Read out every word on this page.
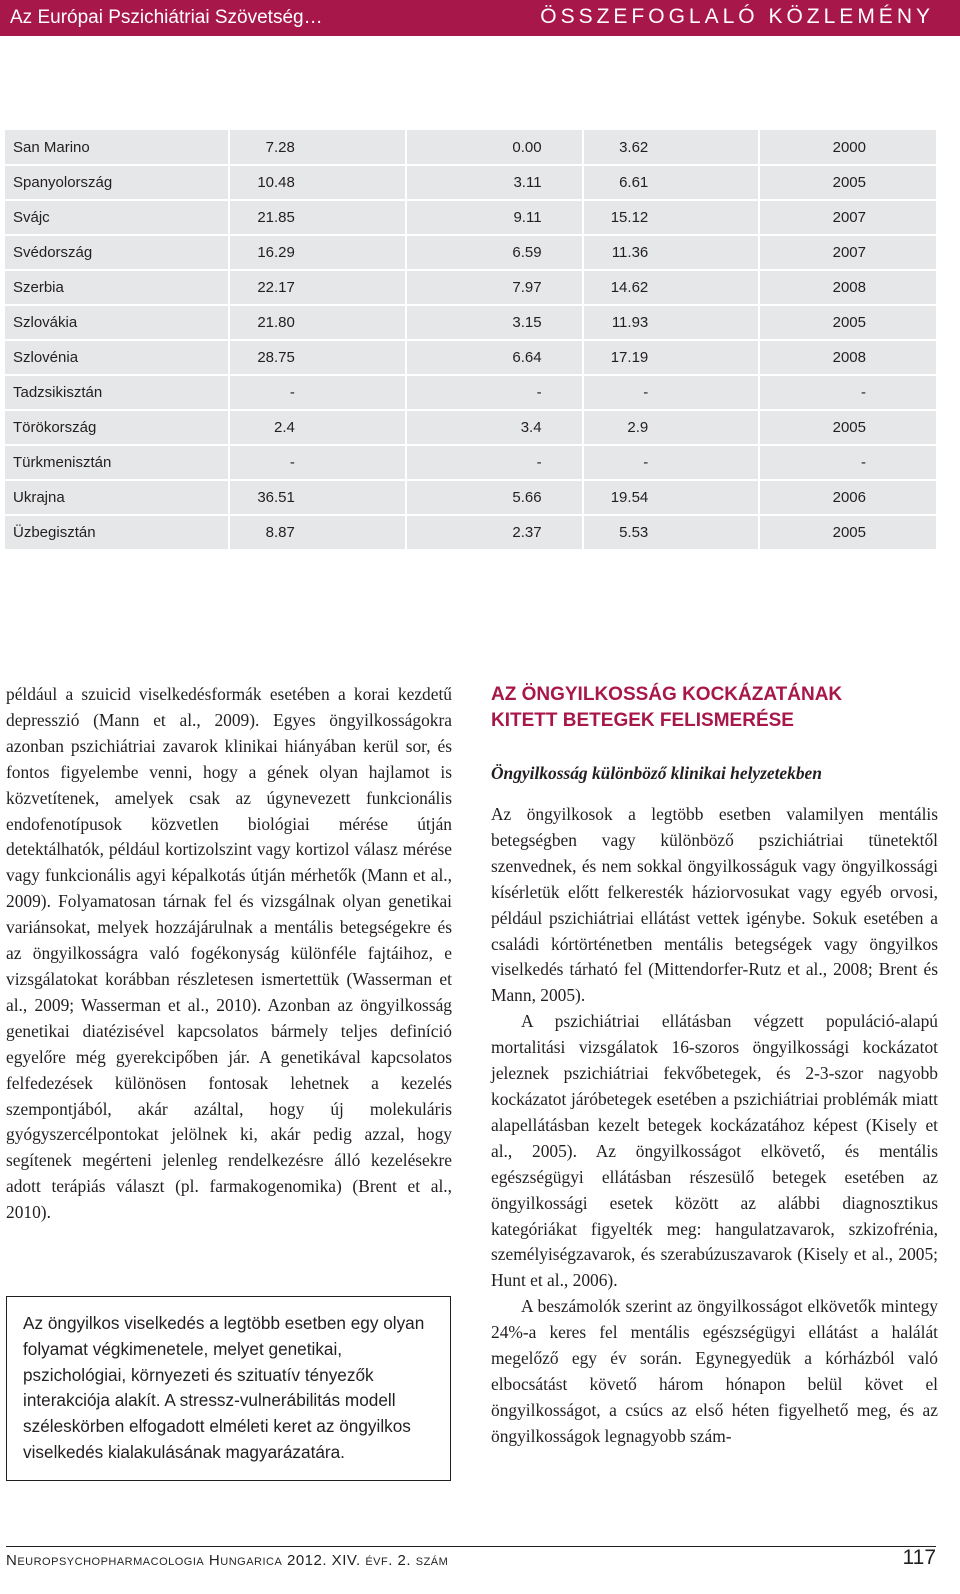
Az Európai Pszichiátriai Szövetség…	ÖSSZEFOGLALÓ KÖZLEMÉNY
San Marino	7.28	0.00	3.62	2000
Spanyolország	10.48	3.11	6.61	2005
Svájc	21.85	9.11	15.12	2007
Svédország	16.29	6.59	11.36	2007
Szerbia	22.17	7.97	14.62	2008
Szlovákia	21.80	3.15	11.93	2005
Szlovénia	28.75	6.64	17.19	2008
Tadzsikisztán	-	-	-	-
Törökország	2.4	3.4	2.9	2005
Türkmenisztán	-	-	-	-
Ukrajna	36.51	5.66	19.54	2006
Üzbegisztán	8.87	2.37	5.53	2005

például a szuicid viselkedésformák esetében a korai kezdetű depresszió (Mann et al., 2009). Egyes öngyilkosságokra azonban pszichiátriai zavarok klinikai hiányában kerül sor, és fontos figyelembe venni, hogy a gének olyan hajlamot is közvetítenek, amelyek csak az úgynevezett funkcionális endofenotípusok közvetlen biológiai mérése útján detektálhatók, például kortizolszint vagy kortizol válasz mérése vagy funkcionális agyi képalkotás útján mérhetők (Mann et al., 2009). Folyamatosan tárnak fel és vizsgálnak olyan genetikai variánsokat, melyek hozzájárulnak a mentális betegségekre és az öngyilkosságra való fogékonyság különféle fajtáihoz, e vizsgálatokat korábban részletesen ismertettük (Wasserman et al., 2009; Wasserman et al., 2010). Azonban az öngyilkosság genetikai diatézisével kapcsolatos bármely teljes definíció egyelőre még gyerekcipőben jár. A genetikával kapcsolatos felfedezések különösen fontosak lehetnek a kezelés szempontjából, akár azáltal, hogy új molekuláris gyógyszercélpontokat jelölnek ki, akár pedig azzal, hogy segítenek megérteni jelenleg rendelkezésre álló kezelésekre adott terápiás választ (pl. farmakogenomika) (Brent et al., 2010).

Az öngyilkos viselkedés a legtöbb esetben egy olyan folyamat végkimenetele, melyet genetikai, pszichológiai, környezeti és szituatív tényezők interakciója alakít. A stressz-vulnerábilitás modell széleskörben elfogadott elméleti keret az öngyilkos viselkedés kialakulásának magyarázatára.

AZ ÖNGYILKOSSÁG KOCKÁZATÁNAK
KITETT BETEGEK FELISMERÉSE
Öngyilkosság különböző klinikai helyzetekben

Az öngyilkosok a legtöbb esetben valamilyen mentális betegségben vagy különböző pszichiátriai tünetektől szenvednek, és nem sokkal öngyilkosságuk vagy öngyilkossági kísérletük előtt felkeresték háziorvosukat vagy egyéb orvosi, például pszichiátriai ellátást vettek igénybe. Sokuk esetében a családi kórtörténetben mentális betegségek vagy öngyilkos viselkedés tárható fel (Mittendorfer-Rutz et al., 2008; Brent és Mann, 2005).

A pszichiátriai ellátásban végzett populáció-alapú mortalitási vizsgálatok 16-szoros öngyilkossági kockázatot jeleznek pszichiátriai fekvőbetegek, és 2-3-szor nagyobb kockázatot járóbetegek esetében a pszichiátriai problémák miatt alapellátásban kezelt betegek kockázatához képest (Kisely et al., 2005). Az öngyilkosságot elkövető, és mentális egészségügyi ellátásban részesülő betegek esetében az öngyilkossági esetek között az alábbi diagnosztikus kategóriákat figyelték meg: hangulatzavarok, szkizofrénia, személyiségzavarok, és szerabúzuszavarok (Kisely et al., 2005; Hunt et al., 2006).

A beszámolók szerint az öngyilkosságot elkövetők mintegy 24%-a keres fel mentális egészségügyi ellátást a halálát megelőző egy év során. Egynegyedük a kórházból való elbocsátást követő három hónapon belül követ el öngyilkosságot, a csúcs az első héten figyelhető meg, és az öngyilkosságok legnagyobb szám-

Neuropsychopharmacologia Hungarica 2012. XIV. évf. 2. szám	117
